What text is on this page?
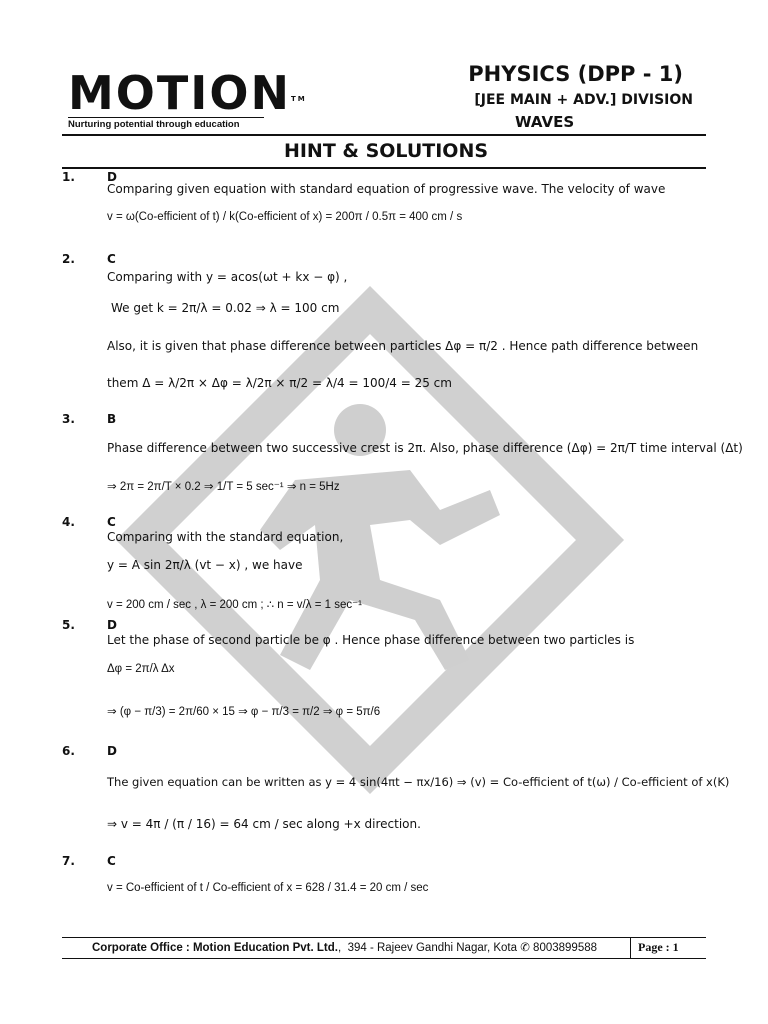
MOTION™
Nurturing potential through education
PHYSICS (DPP - 1)
[JEE MAIN + ADV.] DIVISION
WAVES
HINT & SOLUTIONS
1.	D
Comparing given equation with standard equation of progressive wave. The velocity of wave
v = ω(Co-efficient of t) / k(Co-efficient of x) = 200π / 0.5π = 400 cm / s
2.	C
Comparing with y = acos(ωt + kx − φ) ,
We get k = 2π/λ = 0.02 ⇒ λ = 100 cm
Also, it is given that phase difference between particles Δφ = π/2 . Hence path difference between
them Δ = λ/2π × Δφ = λ/2π × π/2 = λ/4 = 100/4 = 25 cm
3.	B
Phase difference between two successive crest is 2π. Also, phase difference (Δφ) = 2π/T time interval (Δt)
⇒ 2π = 2π/T × 0.2 ⇒ 1/T = 5 sec⁻¹ ⇒ n = 5Hz
4.	C
Comparing with the standard equation,
y = A sin 2π/λ (vt − x) , we have
v = 200 cm / sec , λ = 200 cm ; ∴ n = v/λ = 1 sec⁻¹
5.	D
Let the phase of second particle be φ . Hence phase difference between two particles is
Δφ = 2π/λ Δx
⇒ (φ − π/3) = 2π/60 × 15 ⇒ φ − π/3 = π/2 ⇒ φ = 5π/6
6.	D
The given equation can be written as y = 4 sin(4πt − πx/16) ⇒ (v) = Co-efficient of t(ω) / Co-efficient of x(K)
⇒ v = 4π / (π / 16) = 64 cm / sec along +x direction.
7.	C
v = Co-efficient of t / Co-efficient of x = 628 / 31.4 = 20 cm / sec
Corporate Office : Motion Education Pvt. Ltd.,  394 - Rajeev Gandhi Nagar, Kota ✆ 8003899588	Page : 1
